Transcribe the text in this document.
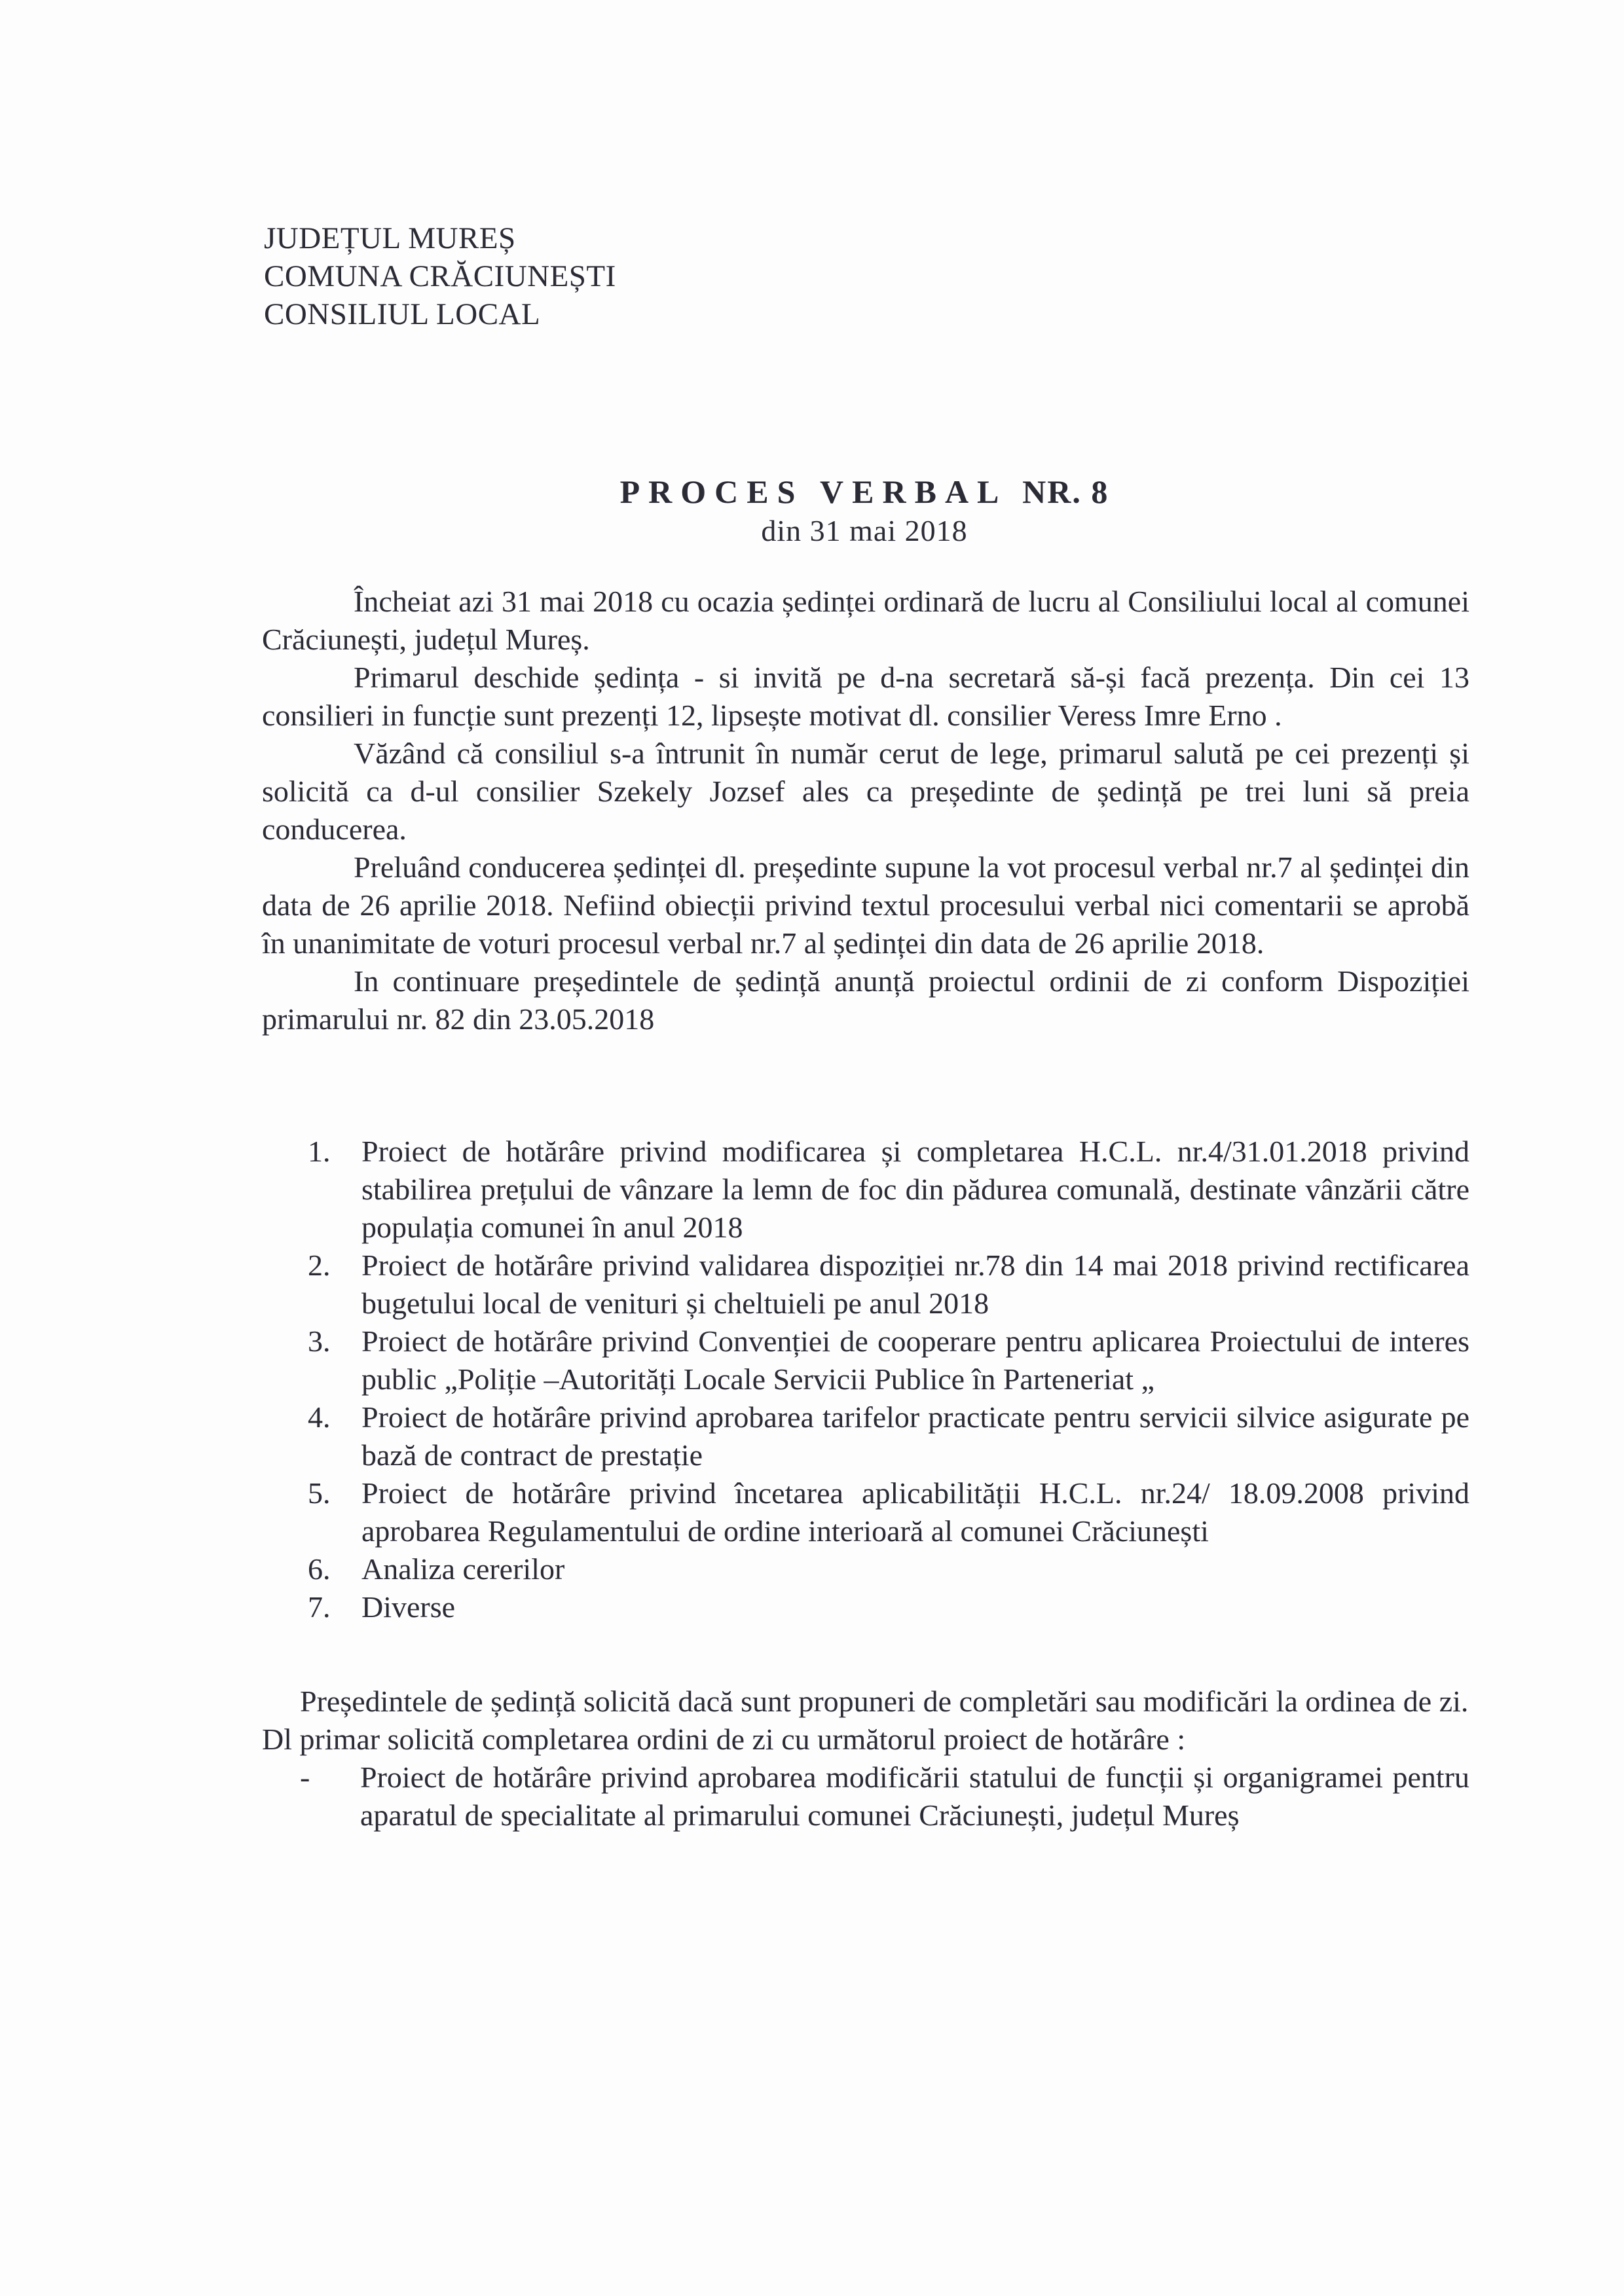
JUDEȚUL MUREȘ
COMUNA CRĂCIUNEȘTI
CONSILIUL LOCAL
PROCES VERBAL NR. 8
din 31 mai 2018

Încheiat azi 31 mai 2018 cu ocazia ședinței ordinară de lucru al Consiliului local al comunei Crăciunești, județul Mureș.

Primarul deschide ședința - si invită pe d-na secretară să-și facă prezența. Din cei 13 consilieri in funcție sunt prezenți 12, lipsește motivat dl. consilier Veress Imre Erno .

Văzând că consiliul s-a întrunit în număr cerut de lege, primarul salută pe cei prezenți și solicită ca d-ul consilier Szekely Jozsef ales ca președinte de ședință pe trei luni să preia conducerea.

Preluând conducerea ședinței dl. președinte supune la vot procesul verbal nr.7 al ședinței din data de 26 aprilie 2018. Nefiind obiecții privind textul procesului verbal nici comentarii se aprobă în unanimitate de voturi procesul verbal nr.7 al ședinței din data de 26 aprilie 2018.

In continuare președintele de ședință anunță proiectul ordinii de zi conform Dispoziției primarului nr. 82 din 23.05.2018

1. Proiect de hotărâre privind modificarea și completarea H.C.L. nr.4/31.01.2018 privind stabilirea prețului de vânzare la lemn de foc din pădurea comunală, destinate vânzării către populația comunei în anul 2018
2. Proiect de hotărâre privind validarea dispoziției nr.78 din 14 mai 2018 privind rectificarea bugetului local de venituri și cheltuieli pe anul 2018
3. Proiect de hotărâre privind Convenției de cooperare pentru aplicarea Proiectului de interes public „Poliție –Autorități Locale Servicii Publice în Parteneriat „
4. Proiect de hotărâre privind aprobarea tarifelor practicate pentru servicii silvice asigurate pe bază de contract de prestație
5. Proiect de hotărâre privind încetarea aplicabilității H.C.L. nr.24/ 18.09.2008 privind aprobarea Regulamentului de ordine interioară al comunei Crăciunești
6. Analiza cererilor
7. Diverse

Președintele de ședință solicită dacă sunt propuneri de completări sau modificări la ordinea de zi.

Dl primar solicită completarea ordini de zi cu următorul proiect de hotărâre :

- Proiect de hotărâre privind aprobarea modificării statului de funcții și organigramei pentru aparatul de specialitate al primarului comunei Crăciunești, județul Mureș
